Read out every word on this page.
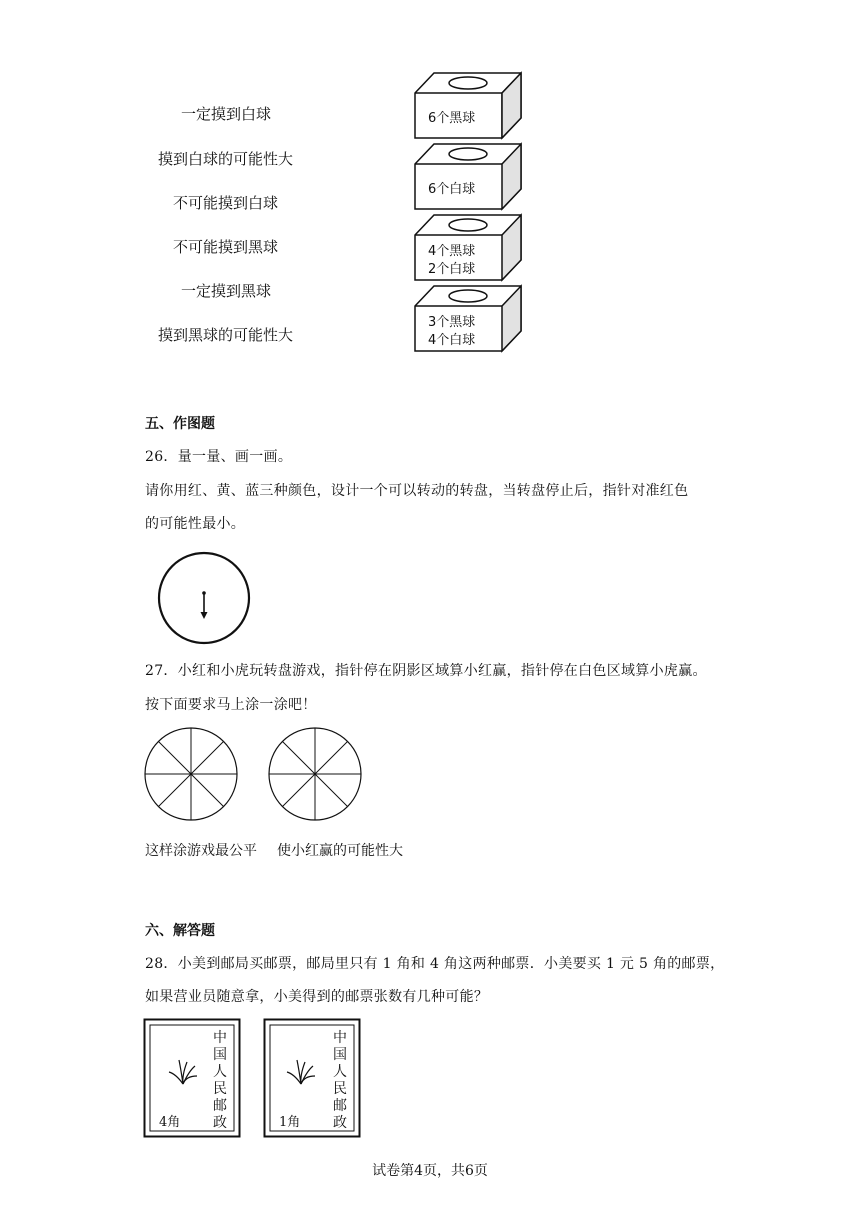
一定摸到白球
摸到白球的可能性大
不可能摸到白球
不可能摸到黑球
一定摸到黑球
摸到黑球的可能性大
6个黑球
6个白球
4个黑球
2个白球
3个黑球
4个白球
五、作图题
26．量一量、画一画。
请你用红、黄、蓝三种颜色，设计一个可以转动的转盘，当转盘停止后，指针对准红色
的可能性最小。
27．小红和小虎玩转盘游戏，指针停在阴影区域算小红赢，指针停在白色区域算小虎赢。
按下面要求马上涂一涂吧！
这样涂游戏最公平 使小红赢的可能性大
六、解答题
28．小美到邮局买邮票，邮局里只有 1 角和 4 角这两种邮票．小美要买 1 元 5 角的邮票，
如果营业员随意拿，小美得到的邮票张数有几种可能？
4角
中
国
人
民
邮
政	1角
中
国
人
民
邮
政
试卷第4页，共6页
